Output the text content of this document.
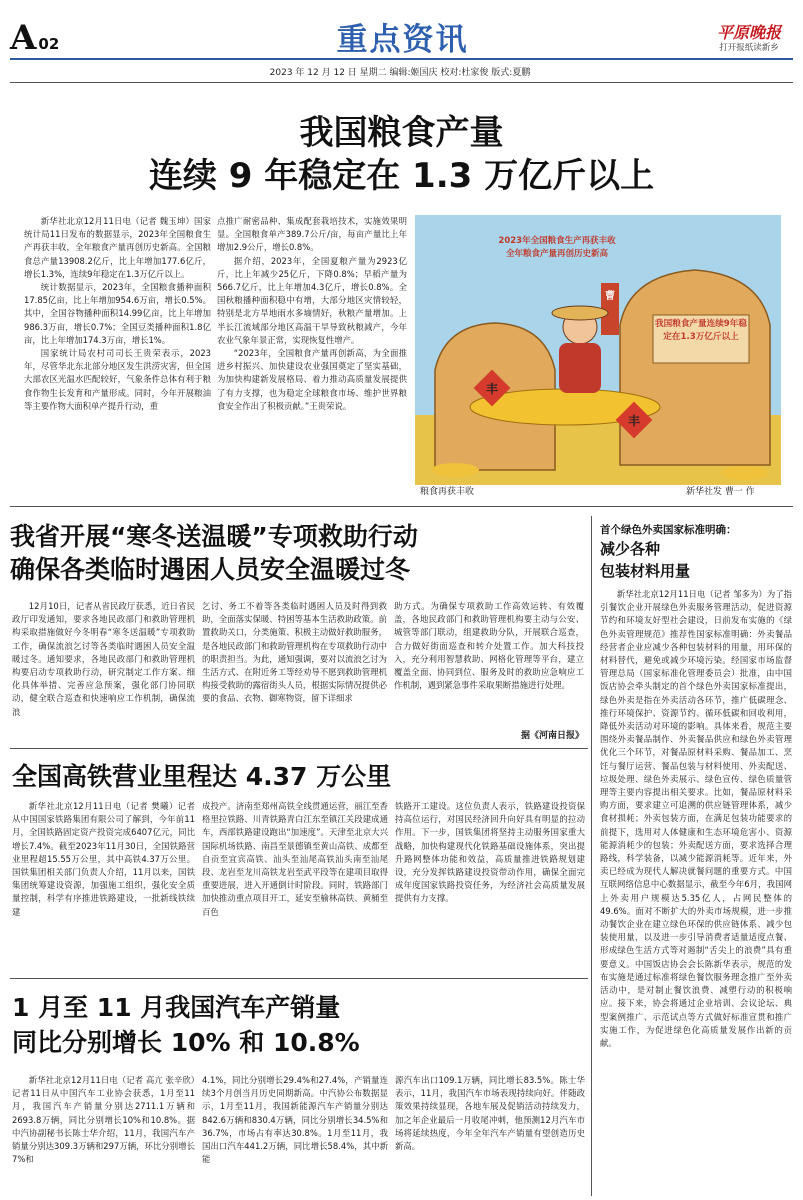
A 02	重点资讯	平原晚报
打开报纸读新乡
2023 年 12 月 12 日 星期二 编辑:姬国庆 校对:杜家俊 版式:夏鹏
我国粮食产量
连续 9 年稳定在 1.3 万亿斤以上

新华社北京12月11日电（记者 魏玉坤）国家统计局11日发布的数据显示，2023年全国粮食生产再获丰收，全年粮食产量再创历史新高。全国粮食总产量13908.2亿斤，比上年增加177.6亿斤，增长1.3%，连续9年稳定在1.3万亿斤以上。

统计数据显示，2023年，全国粮食播种面积17.85亿亩，比上年增加954.6万亩，增长0.5%。其中，全国谷物播种面积14.99亿亩，比上年增加986.3万亩，增长0.7%；全国豆类播种面积1.8亿亩，比上年增加174.3万亩，增长1%。

国家统计局农村司司长王贵荣表示，2023年，尽管华北东北部分地区发生洪涝灾害，但全国大部农区光温水匹配较好，气象条件总体有利于粮食作物生长发育和产量形成。同时，今年开展粮油等主要作物大面积单产提升行动，重

点推广耐密品种、集成配套栽培技术，实施效果明显。全国粮食单产389.7公斤/亩，每亩产量比上年增加2.9公斤，增长0.8%。

据介绍，2023年，全国夏粮产量为2923亿斤，比上年减少25亿斤，下降0.8%；早稻产量为566.7亿斤，比上年增加4.3亿斤，增长0.8%。全国秋粮播种面积稳中有增，大部分地区灾情较轻，特别是北方旱地雨水多墒情好，秋粮产量增加。上半长江流域部分地区高温干旱导致秋粮减产，今年农业气象年景正常，实现恢复性增产。

“2023年，全国粮食产量再创新高，为全面推进乡村振兴、加快建设农业强国奠定了坚实基础，为加快构建新发展格局、着力推动高质量发展提供了有力支撑，也为稳定全球粮食市场、维护世界粮食安全作出了积极贡献。”王贵荣说。

2023年全国粮食生产再获丰收
全年粮食产量再创历史新高
我国粮食产量连续9年稳定在1.3万亿斤以上
曹
丰
丰
粮食再获丰收	新华社发 曹一 作
我省开展“寒冬送温暖”专项救助行动
确保各类临时遇困人员安全温暖过冬
12月10日，记者从省民政厅获悉，近日省民政厅印发通知，要求各地民政部门和救助管理机构采取措施做好今冬明春“寒冬送温暖”专项救助工作，确保流浪乞讨等各类临时遇困人员安全温暖过冬。通知要求，各地民政部门和救助管理机构要启动专项救助行动，研究制定工作方案、细化具体举措、完善应急预案，强化部门协同联动，健全联合巡查和快速响应工作机制，确保流浪
乞讨、务工不着等各类临时遇困人员及时得到救助，全面落实保暖、特困等基本生活救助政策。前置救助关口，分类施策、积极主动做好救助服务，是各地民政部门和救助管理机构在专项救助行动中的职责担当。为此，通知强调，要对以流浪乞讨为生活方式、在附近务工等经劝导不愿到救助管理机构接受救助的露宿街头人员，根据实际情况提供必要的食品、衣物、御寒物资，留下详细求
助方式。为确保专项救助工作高效运转、有效覆盖，各地民政部门和救助管理机构要主动与公安、城管等部门联动，组建救助分队，开展联合巡查，合力做好街面巡查和转介处置工作。加大科技投入，充分利用智慧救助、网格化管理等平台，建立覆盖全面、协同到位、服务及时的救助应急响应工作机制，遇到紧急事件采取果断措施进行处理。
据《河南日报》
全国高铁营业里程达 4.37 万公里
新华社北京12月11日电（记者 樊曦）记者从中国国家铁路集团有限公司了解到，今年前11月，全国铁路固定资产投资完成6407亿元，同比增长7.4%。截至2023年11月30日，全国铁路营业里程超15.55万公里，其中高铁4.37万公里。国铁集团相关部门负责人介绍，11月以来，国铁集团统筹建设资源，加强施工组织，强化安全质量控制，科学有序推进铁路建设，一批新线铁续建
成投产。济南至郑州高铁全线贯通运营，丽江至香格里拉铁路、川青铁路青白江东至镇江关段建成通车，西部铁路建设跑出“加速度”。天津至北京大兴国际机场铁路、南昌至景德镇至黄山高铁、成都至自贡至宜宾高铁、汕头至汕尾高铁汕头南至汕尾段、龙岩至龙川高铁龙岩至武平段等在建项目取得重要进展，进入开通倒计时阶段。同时，铁路部门加快推动重点项目开工，延安至榆林高铁、黄桶至百色
铁路开工建设。这位负责人表示，铁路建设投资保持高位运行，对国民经济回升向好具有明显的拉动作用。下一步，国铁集团将坚持主动服务国家重大战略，加快构建现代化铁路基础设施体系，突出提升路网整体功能和效益，高质量推进铁路规划建设，充分发挥铁路建设投资带动作用，确保全面完成年度国家铁路投资任务，为经济社会高质量发展提供有力支撑。
1 月至 11 月我国汽车产销量
同比分别增长 10% 和 10.8%
新华社北京12月11日电（记者 高亢 张辛欣）记者11日从中国汽车工业协会获悉，1月至11月，我国汽车产销量分别达2711.1万辆和2693.8万辆，同比分别增长10%和10.8%。据中汽协副秘书长陈士华介绍，11月，我国汽车产销量分别达309.3万辆和297万辆，环比分别增长7%和
4.1%，同比分别增长29.4%和27.4%，产销量连续3个月创当月历史同期新高。中汽协公布数据显示，1月至11月，我国新能源汽车产销量分别达842.6万辆和830.4万辆，同比分别增长34.5%和36.7%，市场占有率达30.8%。1月至11月，我国出口汽车441.2万辆，同比增长58.4%，其中新能
源汽车出口109.1万辆，同比增长83.5%。陈士华表示，11月，我国汽车市场表现持续向好。伴随政策效果持续显现，各地车展及促销活动持续发力，加之年企业最后一月收尾冲刺，他预测12月汽车市场将延续热度，今年全年汽车产销量有望创造历史新高。
首个绿色外卖国家标准明确：
减少各种
包装材料用量
新华社北京12月11日电（记者 邹多为）为了指引餐饮企业开展绿色外卖服务管理活动，促进资源节约和环境友好型社会建设，日前发布实施的《绿色外卖管理规范》推荐性国家标准明确：外卖餐品经营者企业应减少各种包装材料的用量，用环保的材料替代，避免或减少环境污染。经国家市场监督管理总局（国家标准化管理委员会）批准，由中国饭店协会牵头制定的首个绿色外卖国家标准提出，绿色外卖是指在外卖活动各环节，推广低碳理念、推行环境保护、资源节约、循环低碳和回收利用，降低外卖活动对环境的影响。具体来看，规范主要围绕外卖餐品制作、外卖餐品供应和绿色外卖管理优化三个环节，对餐品原材料采购、餐品加工、烹饪与餐厅运营、餐品包装与材料使用、外卖配送、垃圾处理、绿色外卖展示、绿色宣传、绿色质量管理等主要内容提出相关要求。比如，餐品原材料采购方面，要求建立可追溯的供应链管理体系，减少食材损耗；外卖包装方面，在满足包装功能要求的前提下，选用对人体健康和生态环境危害小、资源能源消耗少的包装；外卖配送方面，要求选择合理路线，科学装备，以减少能源消耗等。近年来，外卖已经成为现代人解决就餐问题的重要方式。中国互联网络信息中心数据显示，截至今年6月，我国网上外卖用户规模达5.35亿人，占网民整体的49.6%。面对不断扩大的外卖市场规模，进一步推动餐饮企业在建立绿色环保的供应链体系、减少包装使用量，以及进一步引导消费者适量适度点餐、形成绿色生活方式等对遏制“舌尖上的浪费”具有重要意义。中国饭店协会会长陈新华表示，规范的发布实施是通过标准将绿色餐饮服务理念推广至外卖活动中，是对制止餐饮浪费、减塑行动的积极响应。接下来，协会将通过企业培训、会议论坛、典型案例推广、示范试点等方式做好标准宣贯和推广实施工作，为促进绿色化高质量发展作出新的贡献。
